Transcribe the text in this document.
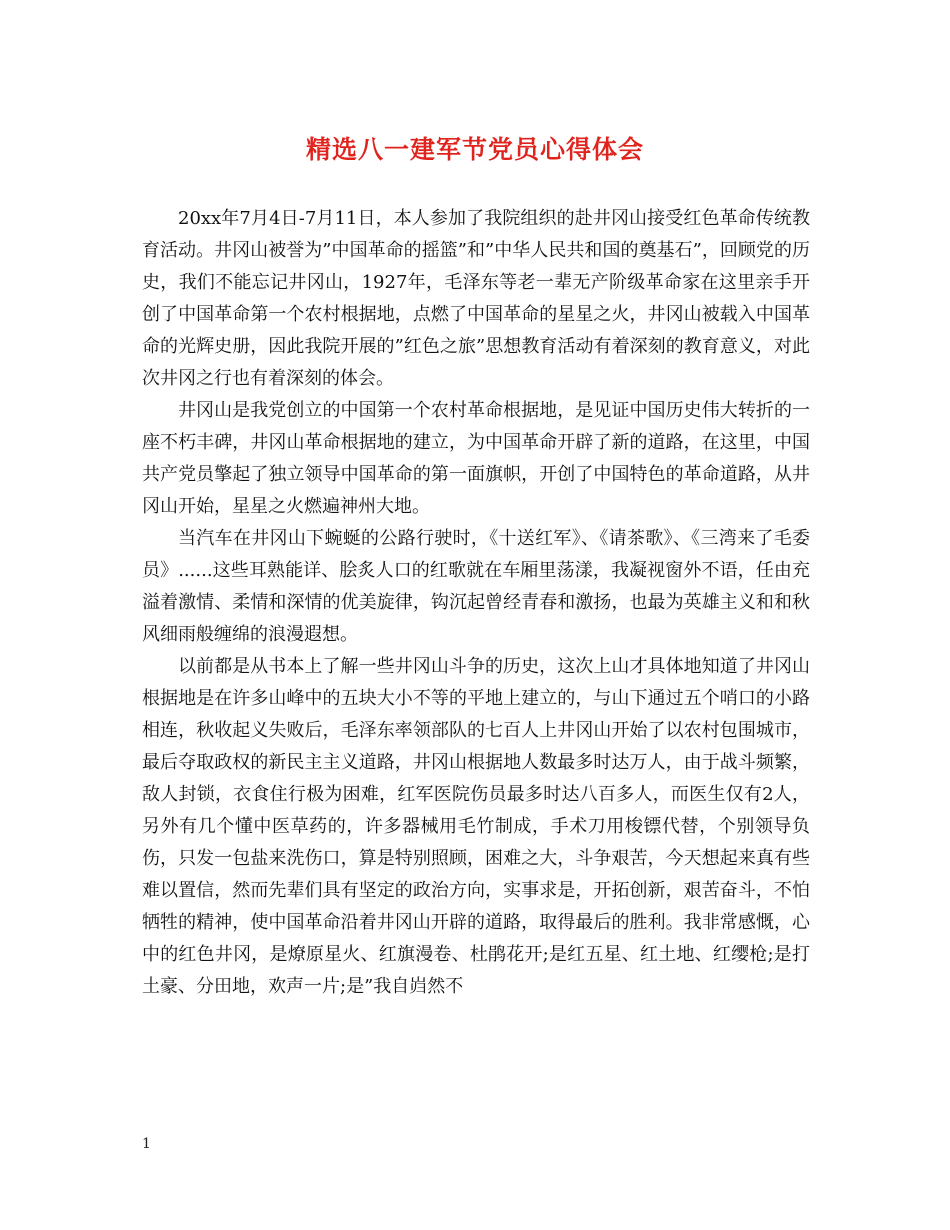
精选八一建军节党员心得体会

20xx年7月4日-7月11日，本人参加了我院组织的赴井冈山接受红色革命传统教育活动。井冈山被誉为”中国革命的摇篮”和”中华人民共和国的奠基石”，回顾党的历史，我们不能忘记井冈山，1927年，毛泽东等老一辈无产阶级革命家在这里亲手开创了中国革命第一个农村根据地，点燃了中国革命的星星之火，井冈山被载入中国革命的光辉史册，因此我院开展的”红色之旅”思想教育活动有着深刻的教育意义，对此次井冈之行也有着深刻的体会。

井冈山是我党创立的中国第一个农村革命根据地，是见证中国历史伟大转折的一座不朽丰碑，井冈山革命根据地的建立，为中国革命开辟了新的道路，在这里，中国共产党员擎起了独立领导中国革命的第一面旗帜，开创了中国特色的革命道路，从井冈山开始，星星之火燃遍神州大地。

当汽车在井冈山下蜿蜒的公路行驶时，《十送红军》、《请茶歌》、《三湾来了毛委员》......这些耳熟能详、脍炙人口的红歌就在车厢里荡漾，我凝视窗外不语，任由充溢着激情、柔情和深情的优美旋律，钩沉起曾经青春和激扬，也最为英雄主义和和秋风细雨般缠绵的浪漫遐想。

以前都是从书本上了解一些井冈山斗争的历史，这次上山才具体地知道了井冈山根据地是在许多山峰中的五块大小不等的平地上建立的，与山下通过五个哨口的小路相连，秋收起义失败后，毛泽东率领部队的七百人上井冈山开始了以农村包围城市，最后夺取政权的新民主主义道路，井冈山根据地人数最多时达万人，由于战斗频繁，敌人封锁，衣食住行极为困难，红军医院伤员最多时达八百多人，而医生仅有2人，另外有几个懂中医草药的，许多器械用毛竹制成，手术刀用梭镖代替，个别领导负伤，只发一包盐来洗伤口，算是特别照顾，困难之大，斗争艰苦，今天想起来真有些难以置信，然而先辈们具有坚定的政治方向，实事求是，开拓创新，艰苦奋斗，不怕牺牲的精神，使中国革命沿着井冈山开辟的道路，取得最后的胜利。我非常感慨，心中的红色井冈，是燎原星火、红旗漫卷、杜鹃花开;是红五星、红土地、红缨枪;是打土豪、分田地，欢声一片;是”我自岿然不

1
